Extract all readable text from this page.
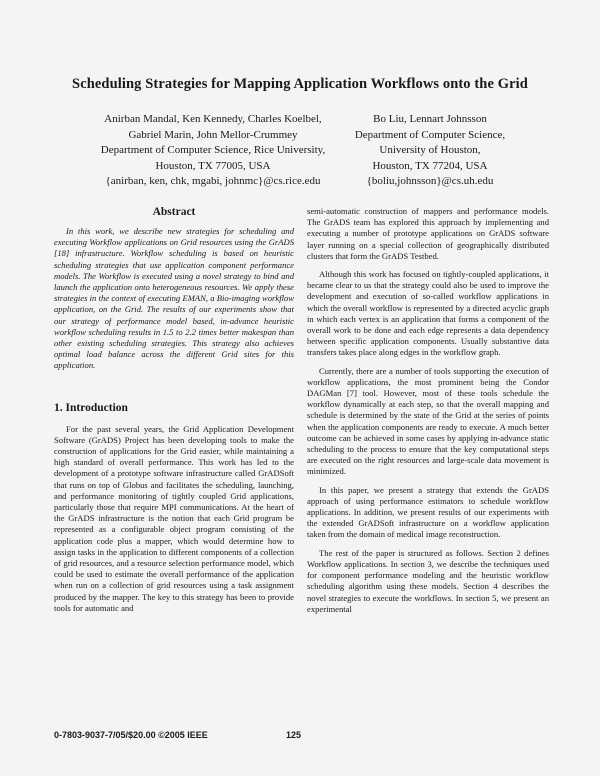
Scheduling Strategies for Mapping Application Workflows onto the Grid
Anirban Mandal, Ken Kennedy, Charles Koelbel,
Gabriel Marin, John Mellor-Crummey
Department of Computer Science, Rice University,
Houston, TX 77005, USA
{anirban, ken, chk, mgabi, johnmc}@cs.rice.edu
Bo Liu, Lennart Johnsson
Department of Computer Science,
University of Houston,
Houston, TX 77204, USA
{boliu,johnsson}@cs.uh.edu
Abstract

In this work, we describe new strategies for scheduling and executing Workflow applications on Grid resources using the GrADS [18] infrastructure. Workflow scheduling is based on heuristic scheduling strategies that use application component performance models. The Workflow is executed using a novel strategy to bind and launch the application onto heterogeneous resources. We apply these strategies in the context of executing EMAN, a Bio-imaging workflow application, on the Grid. The results of our experiments show that our strategy of performance model based, in-advance heuristic workflow scheduling results in 1.5 to 2.2 times better makespan than other existing scheduling strategies. This strategy also achieves optimal load balance across the different Grid sites for this application.

1. Introduction

For the past several years, the Grid Application Development Software (GrADS) Project has been developing tools to make the construction of applications for the Grid easier, while maintaining a high standard of overall performance. This work has led to the development of a prototype software infrastructure called GrADSoft that runs on top of Globus and facilitates the scheduling, launching, and performance monitoring of tightly coupled Grid applications, particularly those that require MPI communications. At the heart of the GrADS infrastructure is the notion that each Grid program be represented as a configurable object program consisting of the application code plus a mapper, which would determine how to assign tasks in the application to different components of a collection of grid resources, and a resource selection performance model, which could be used to estimate the overall performance of the application when run on a collection of grid resources using a task assignment produced by the mapper. The key to this strategy has been to provide tools for automatic and

semi-automatic construction of mappers and performance models. The GrADS team has explored this approach by implementing and executing a number of prototype applications on GrADS software layer running on a special collection of geographically distributed clusters that form the GrADS Testbed.

Although this work has focused on tightly-coupled applications, it became clear to us that the strategy could also be used to improve the development and execution of so-called workflow applications in which the overall workflow is represented by a directed acyclic graph in which each vertex is an application that forms a component of the overall work to be done and each edge represents a data dependency between specific application components. Usually substantive data transfers takes place along edges in the workflow graph.

Currently, there are a number of tools supporting the execution of workflow applications, the most prominent being the Condor DAGMan [7] tool. However, most of these tools schedule the workflow dynamically at each step, so that the overall mapping and schedule is determined by the state of the Grid at the series of points when the application components are ready to execute. A much better outcome can be achieved in some cases by applying in-advance static scheduling to the process to ensure that the key computational steps are executed on the right resources and large-scale data movement is minimized.

In this paper, we present a strategy that extends the GrADS approach of using performance estimators to schedule workflow applications. In addition, we present results of our experiments with the extended GrADSoft infrastructure on a workflow application taken from the domain of medical image reconstruction.

The rest of the paper is structured as follows. Section 2 defines Workflow applications. In section 3, we describe the techniques used for component performance modeling and the heuristic workflow scheduling algorithm using these models. Section 4 describes the novel strategies to execute the workflows. In section 5, we present an experimental

0-7803-9037-7/05/$20.00 ©2005 IEEE	125
